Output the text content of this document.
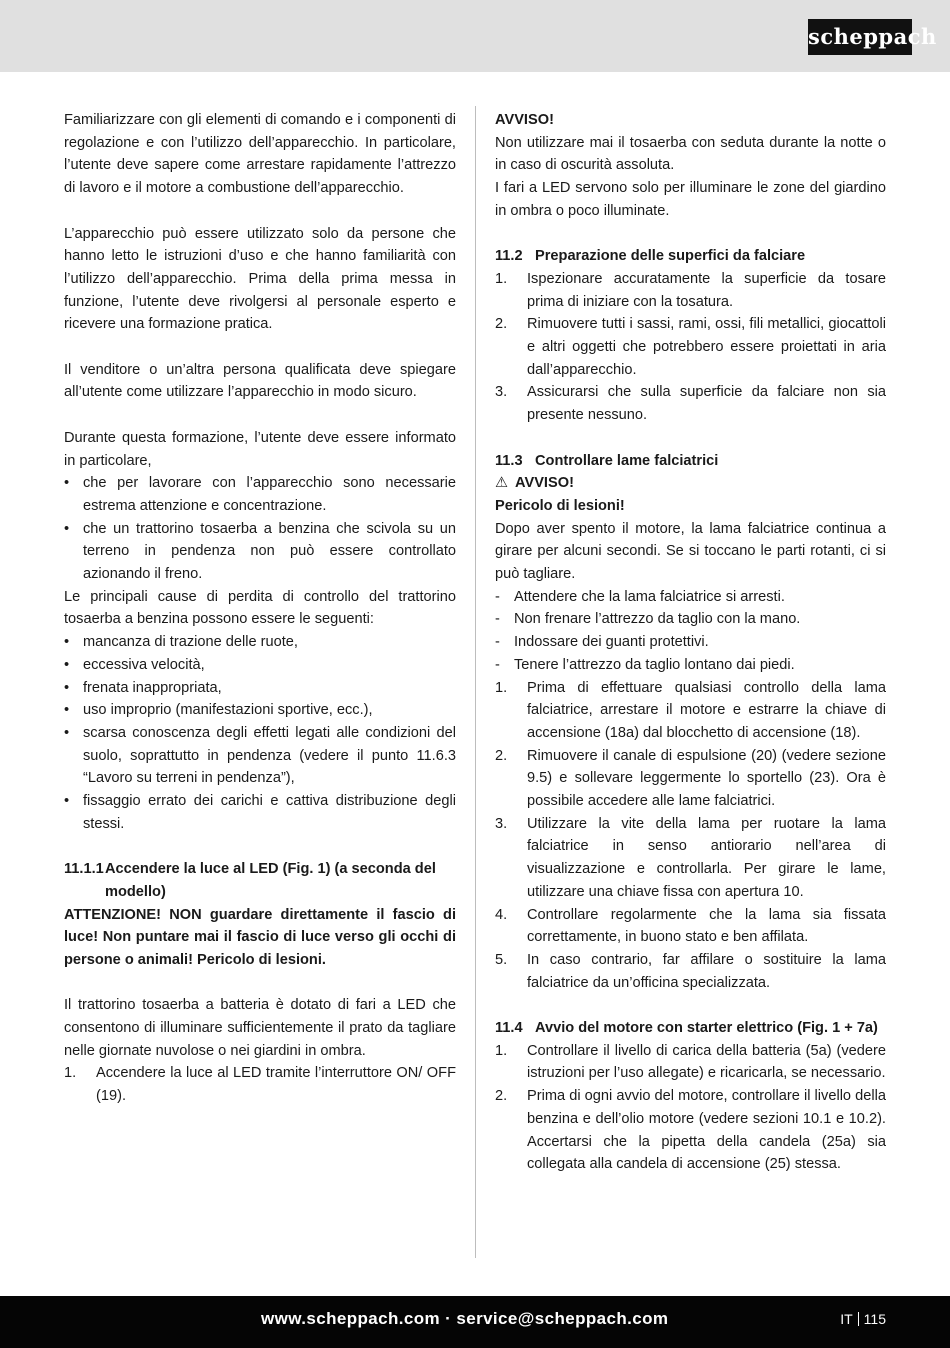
scheppach

Familiarizzare con gli elementi di comando e i componenti di regolazione e con l’utilizzo dell’apparecchio. In particolare, l’utente deve sapere come arrestare rapidamente l’attrezzo di lavoro e il motore a combustione dell’apparecchio.

L’apparecchio può essere utilizzato solo da persone che hanno letto le istruzioni d’uso e che hanno familiarità con l’utilizzo dell’apparecchio. Prima della prima messa in funzione, l’utente deve rivolgersi al personale esperto e ricevere una formazione pratica.

Il venditore o un’altra persona qualificata deve spiegare all’utente come utilizzare l’apparecchio in modo sicuro.

Durante questa formazione, l’utente deve essere informato in particolare,

• che per lavorare con l’apparecchio sono necessarie estrema attenzione e concentrazione.
• che un trattorino tosaerba a benzina che scivola su un terreno in pendenza non può essere controllato azionando il freno.

Le principali cause di perdita di controllo del trattorino tosaerba a benzina possono essere le seguenti:

• mancanza di trazione delle ruote,
• eccessiva velocità,
• frenata inappropriata,
• uso improprio (manifestazioni sportive, ecc.),
• scarsa conoscenza degli effetti legati alle condizioni del suolo, soprattutto in pendenza (vedere il punto 11.6.3 “Lavoro su terreni in pendenza”),
• fissaggio errato dei carichi e cattiva distribuzione degli stessi.
11.1.1 Accendere la luce al LED (Fig. 1) (a seconda del modello)

ATTENZIONE! NON guardare direttamente il fascio di luce! Non puntare mai il fascio di luce verso gli occhi di persone o animali! Pericolo di lesioni.

Il trattorino tosaerba a batteria è dotato di fari a LED che consentono di illuminare sufficientemente il prato da tagliare nelle giornate nuvolose o nei giardini in ombra.

1. Accendere la luce al LED tramite l’interruttore ON/ OFF (19).

AVVISO!

Non utilizzare mai il tosaerba con seduta durante la notte o in caso di oscurità assoluta.

I fari a LED servono solo per illuminare le zone del giardino in ombra o poco illuminate.

11.2 Preparazione delle superfici da falciare
1. Ispezionare accuratamente la superficie da tosare prima di iniziare con la tosatura.
2. Rimuovere tutti i sassi, rami, ossi, fili metallici, giocattoli e altri oggetti che potrebbero essere proiettati in aria dall’apparecchio.
3. Assicurarsi che sulla superficie da falciare non sia presente nessuno.
11.3 Controllare lame falciatrici

⚠ AVVISO!

Pericolo di lesioni!

Dopo aver spento il motore, la lama falciatrice continua a girare per alcuni secondi. Se si toccano le parti rotanti, ci si può tagliare.

- Attendere che la lama falciatrice si arresti.
- Non frenare l’attrezzo da taglio con la mano.
- Indossare dei guanti protettivi.
- Tenere l’attrezzo da taglio lontano dai piedi.
1. Prima di effettuare qualsiasi controllo della lama falciatrice, arrestare il motore e estrarre la chiave di accensione (18a) dal blocchetto di accensione (18).
2. Rimuovere il canale di espulsione (20) (vedere sezione 9.5) e sollevare leggermente lo sportello (23). Ora è possibile accedere alle lame falciatrici.
3. Utilizzare la vite della lama per ruotare la lama falciatrice in senso antiorario nell’area di visualizzazione e controllarla. Per girare le lame, utilizzare una chiave fissa con apertura 10.
4. Controllare regolarmente che la lama sia fissata correttamente, in buono stato e ben affilata.
5. In caso contrario, far affilare o sostituire la lama falciatrice da un’officina specializzata.
11.4 Avvio del motore con starter elettrico (Fig. 1 + 7a)
1. Controllare il livello di carica della batteria (5a) (vedere istruzioni per l’uso allegate) e ricaricarla, se necessario.
2. Prima di ogni avvio del motore, controllare il livello della benzina e dell’olio motore (vedere sezioni 10.1 e 10.2). Accertarsi che la pipetta della candela (25a) sia collegata alla candela di accensione (25) stessa.
www.scheppach.com · service@scheppach.com	IT 115
